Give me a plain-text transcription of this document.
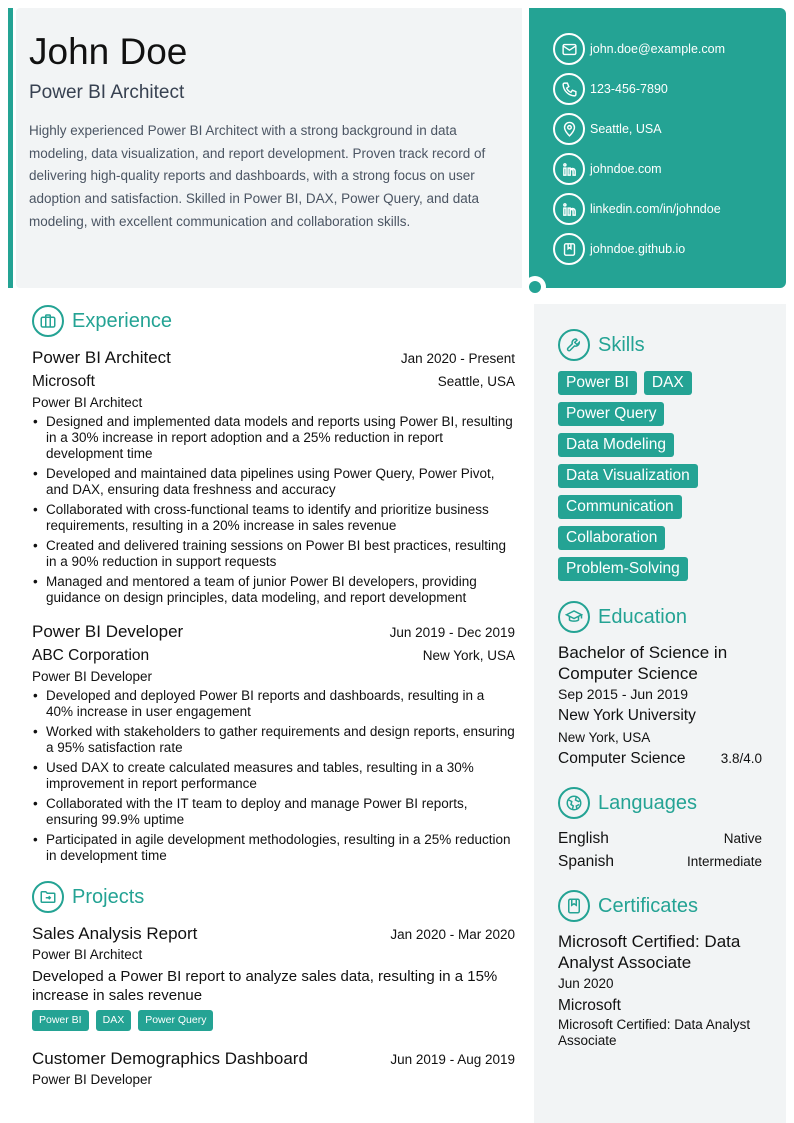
John Doe
Power BI Architect

Highly experienced Power BI Architect with a strong background in data modeling, data visualization, and report development. Proven track record of delivering high-quality reports and dashboards, with a strong focus on user adoption and satisfaction. Skilled in Power BI, DAX, Power Query, and data modeling, with excellent communication and collaboration skills.

john.doe@example.com
123-456-7890
Seattle, USA
johndoe.com
linkedin.com/in/johndoe
johndoe.github.io
Experience
Power BI Architect	Jan 2020 - Present
Microsoft	Seattle, USA
Power BI Architect
• Designed and implemented data models and reports using Power BI, resulting in a 30% increase in report adoption and a 25% reduction in report development time
• Developed and maintained data pipelines using Power Query, Power Pivot, and DAX, ensuring data freshness and accuracy
• Collaborated with cross-functional teams to identify and prioritize business requirements, resulting in a 20% increase in sales revenue
• Created and delivered training sessions on Power BI best practices, resulting in a 90% reduction in support requests
• Managed and mentored a team of junior Power BI developers, providing guidance on design principles, data modeling, and report development
Power BI Developer	Jun 2019 - Dec 2019
ABC Corporation	New York, USA
Power BI Developer
• Developed and deployed Power BI reports and dashboards, resulting in a 40% increase in user engagement
• Worked with stakeholders to gather requirements and design reports, ensuring a 95% satisfaction rate
• Used DAX to create calculated measures and tables, resulting in a 30% improvement in report performance
• Collaborated with the IT team to deploy and manage Power BI reports, ensuring 99.9% uptime
• Participated in agile development methodologies, resulting in a 25% reduction in development time
Projects
Sales Analysis Report	Jan 2020 - Mar 2020
Power BI Architect
Developed a Power BI report to analyze sales data, resulting in a 15% increase in sales revenue
Power BI	DAX	Power Query
Customer Demographics Dashboard	Jun 2019 - Aug 2019
Power BI Developer
Skills
Power BI	DAX
Power Query
Data Modeling
Data Visualization
Communication
Collaboration
Problem-Solving
Education
Bachelor of Science in Computer Science
Sep 2015 - Jun 2019
New York University
New York, USA
Computer Science	3.8/4.0
Languages
English	Native
Spanish	Intermediate
Certificates
Microsoft Certified: Data Analyst Associate
Jun 2020
Microsoft
Microsoft Certified: Data Analyst Associate
